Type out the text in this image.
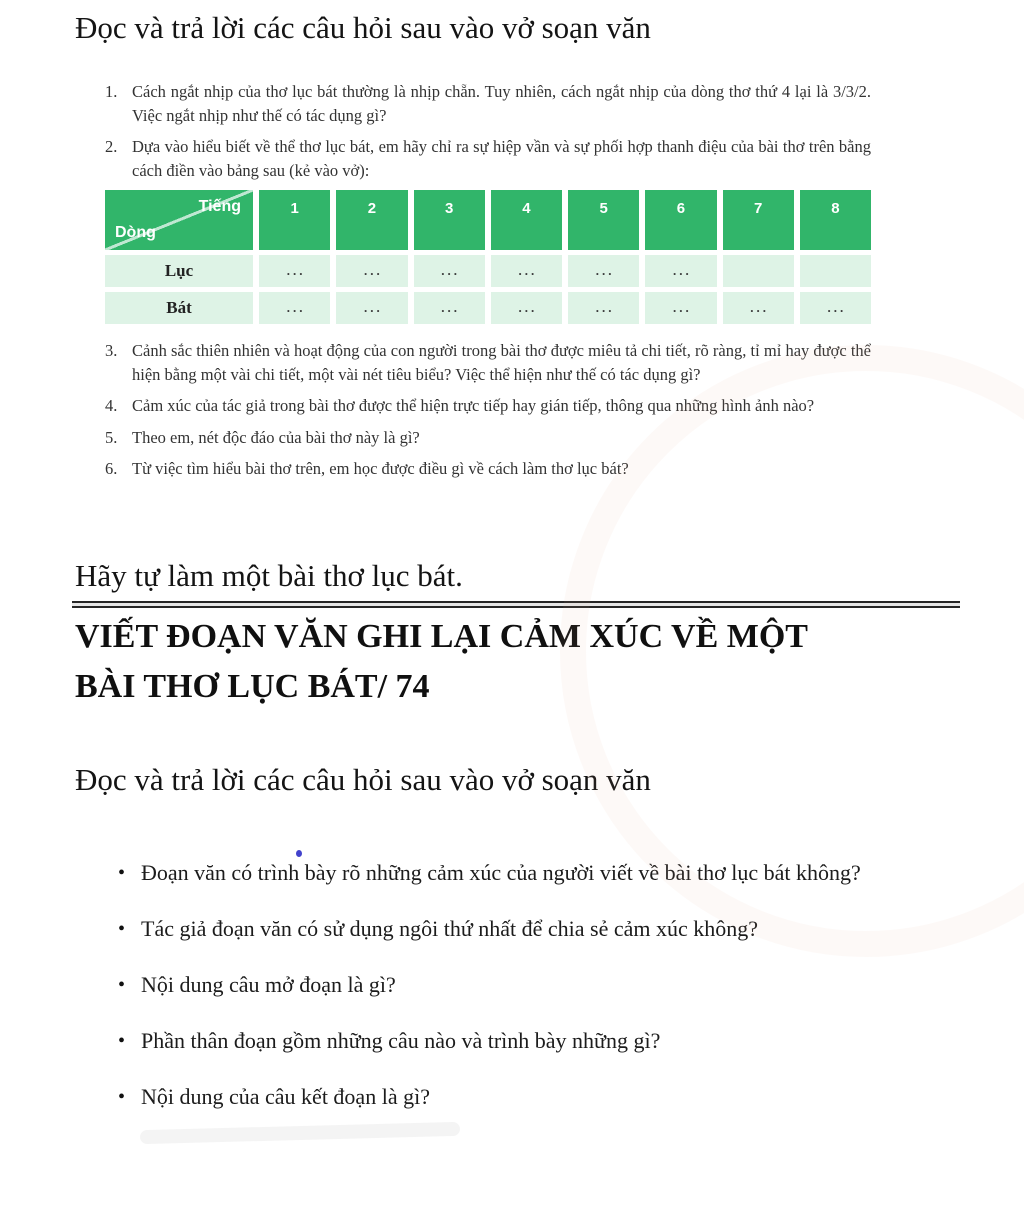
Đọc và trả lời các câu hỏi sau vào vở soạn văn
1. Cách ngắt nhịp của thơ lục bát thường là nhịp chẵn. Tuy nhiên, cách ngắt nhịp của dòng thơ thứ 4 lại là 3/3/2. Việc ngắt nhịp như thế có tác dụng gì?
2. Dựa vào hiểu biết về thể thơ lục bát, em hãy chỉ ra sự hiệp vần và sự phối hợp thanh điệu của bài thơ trên bằng cách điền vào bảng sau (kẻ vào vở):
Tiếng
Dòng
1	2	3	4	5	6	7	8
Lục	...	...	...	...	...	...
Bát	...	...	...	...	...	...	...	...
3. Cảnh sắc thiên nhiên và hoạt động của con người trong bài thơ được miêu tả chi tiết, rõ ràng, tỉ mỉ hay được thể hiện bằng một vài chi tiết, một vài nét tiêu biểu? Việc thể hiện như thế có tác dụng gì?
4. Cảm xúc của tác giả trong bài thơ được thể hiện trực tiếp hay gián tiếp, thông qua những hình ảnh nào?
5. Theo em, nét độc đáo của bài thơ này là gì?
6. Từ việc tìm hiểu bài thơ trên, em học được điều gì về cách làm thơ lục bát?
Hãy tự làm một bài thơ lục bát.
VIẾT ĐOẠN VĂN GHI LẠI CẢM XÚC VỀ MỘT
BÀI THƠ LỤC BÁT/ 74
Đọc và trả lời các câu hỏi sau vào vở soạn văn
• Đoạn văn có trình bày rõ những cảm xúc của người viết về bài thơ lục bát không?
• Tác giả đoạn văn có sử dụng ngôi thứ nhất để chia sẻ cảm xúc không?
• Nội dung câu mở đoạn là gì?
• Phần thân đoạn gồm những câu nào và trình bày những gì?
• Nội dung của câu kết đoạn là gì?
